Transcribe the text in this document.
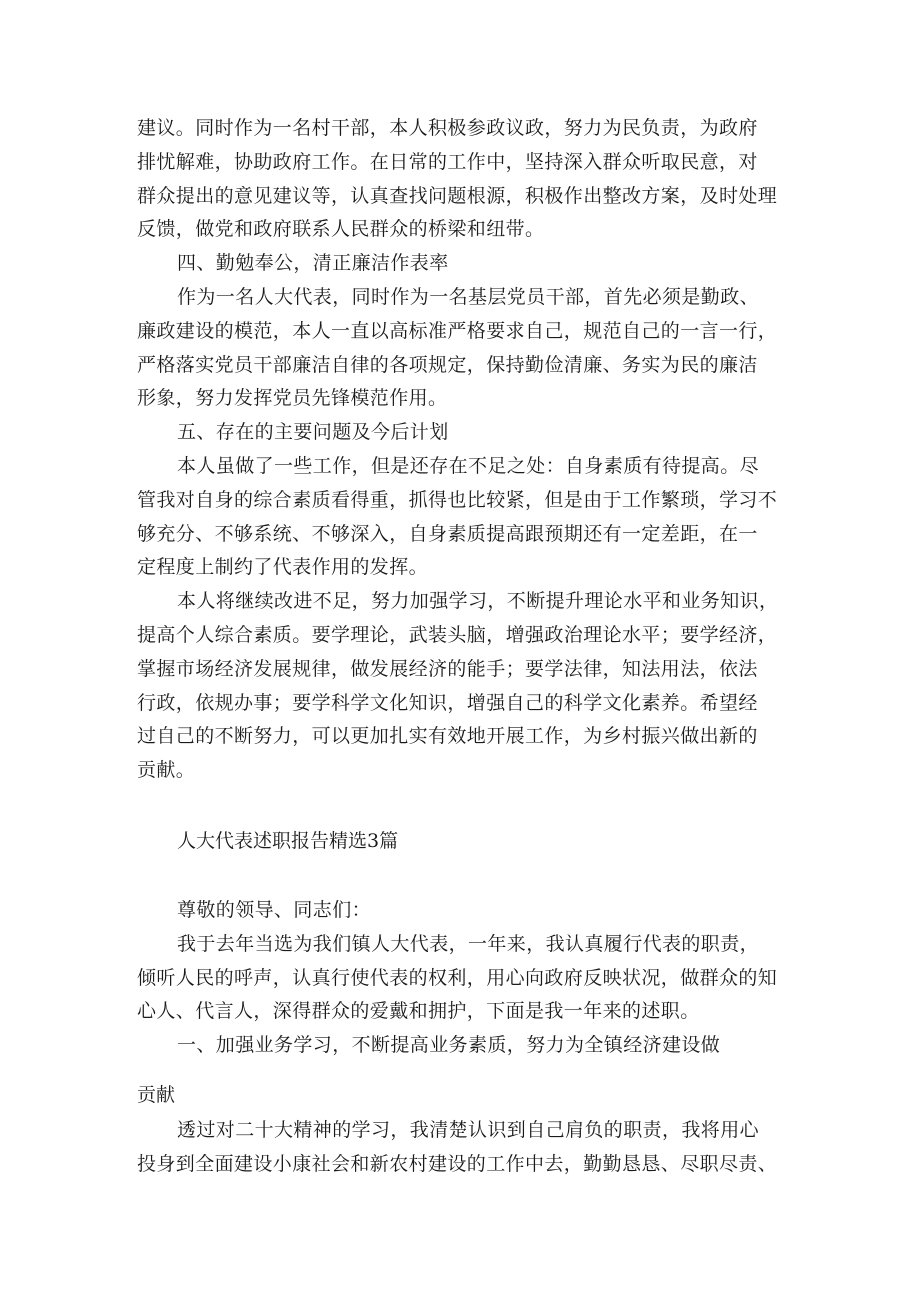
建议。同时作为一名村干部，本人积极参政议政，努力为民负责，为政府
排忧解难，协助政府工作。在日常的工作中，坚持深入群众听取民意，对
群众提出的意见建议等，认真查找问题根源，积极作出整改方案，及时处理
反馈，做党和政府联系人民群众的桥梁和纽带。
四、勤勉奉公，清正廉洁作表率
作为一名人大代表，同时作为一名基层党员干部，首先必须是勤政、
廉政建设的模范，本人一直以高标准严格要求自己，规范自己的一言一行，
严格落实党员干部廉洁自律的各项规定，保持勤俭清廉、务实为民的廉洁
形象，努力发挥党员先锋模范作用。
五、存在的主要问题及今后计划
本人虽做了一些工作，但是还存在不足之处：自身素质有待提高。尽
管我对自身的综合素质看得重，抓得也比较紧，但是由于工作繁琐，学习不
够充分、不够系统、不够深入，自身素质提高跟预期还有一定差距，在一
定程度上制约了代表作用的发挥。
本人将继续改进不足，努力加强学习，不断提升理论水平和业务知识，
提高个人综合素质。要学理论，武装头脑，增强政治理论水平；要学经济，
掌握市场经济发展规律，做发展经济的能手；要学法律，知法用法，依法
行政，依规办事；要学科学文化知识，增强自己的科学文化素养。希望经
过自己的不断努力，可以更加扎实有效地开展工作，为乡村振兴做出新的
贡献。
人大代表述职报告精选3篇
尊敬的领导、同志们：
我于去年当选为我们镇人大代表，一年来，我认真履行代表的职责，
倾听人民的呼声，认真行使代表的权利，用心向政府反映状况，做群众的知
心人、代言人，深得群众的爱戴和拥护，下面是我一年来的述职。
一、加强业务学习，不断提高业务素质，努力为全镇经济建设做
贡献
透过对二十大精神的学习，我清楚认识到自己肩负的职责，我将用心
投身到全面建设小康社会和新农村建设的工作中去，勤勤恳恳、尽职尽责、
